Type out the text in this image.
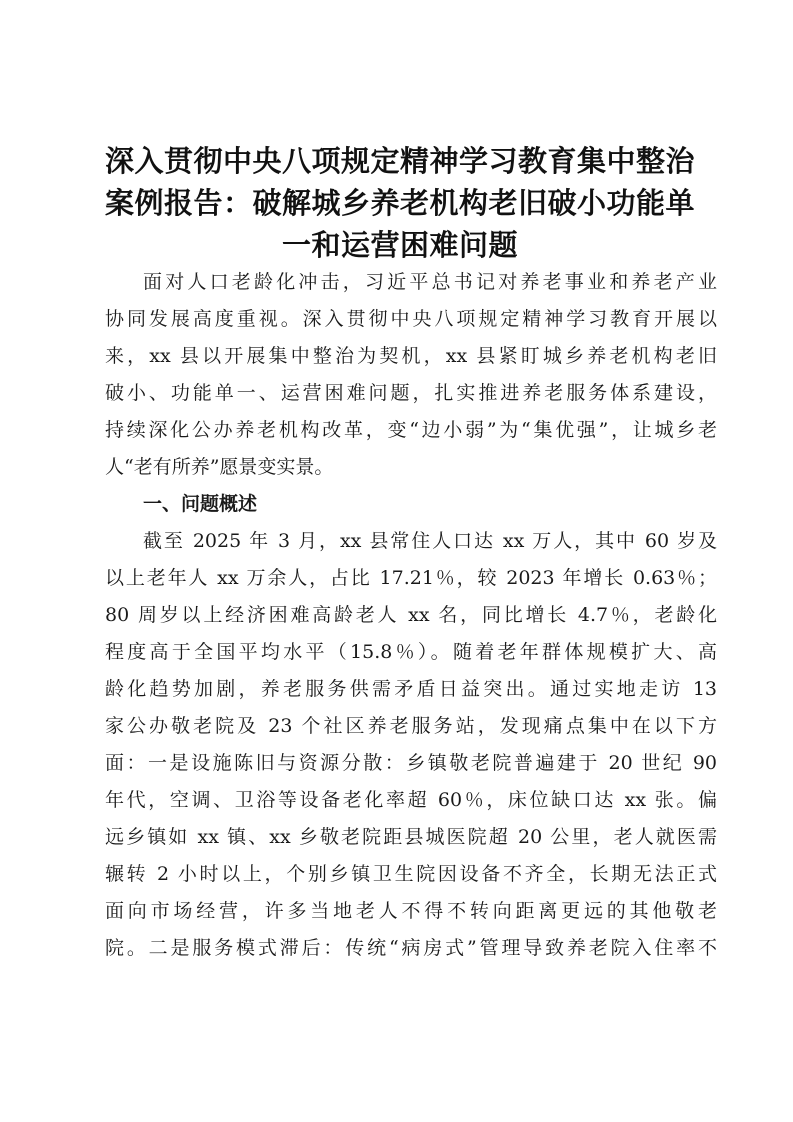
深入贯彻中央八项规定精神学习教育集中整治
案例报告：破解城乡养老机构老旧破小功能单
一和运营困难问题
面对人口老龄化冲击，习近平总书记对养老事业和养老产业
协同发展高度重视。深入贯彻中央八项规定精神学习教育开展以
来，xx 县以开展集中整治为契机，xx 县紧盯城乡养老机构老旧
破小、功能单一、运营困难问题，扎实推进养老服务体系建设，
持续深化公办养老机构改革，变“边小弱”为“集优强”，让城乡老
人“老有所养”愿景变实景。
一、问题概述
截至 2025 年 3 月，xx 县常住人口达 xx 万人，其中 60 岁及
以上老年人 xx 万余人，占比 17.21％，较 2023 年增长 0.63％；
80 周岁以上经济困难高龄老人 xx 名，同比增长 4.7％，老龄化
程度高于全国平均水平（15.8％）。随着老年群体规模扩大、高
龄化趋势加剧，养老服务供需矛盾日益突出。通过实地走访 13
家公办敬老院及 23 个社区养老服务站，发现痛点集中在以下方
面：一是设施陈旧与资源分散：乡镇敬老院普遍建于 20 世纪 90
年代，空调、卫浴等设备老化率超 60％，床位缺口达 xx 张。偏
远乡镇如 xx 镇、xx 乡敬老院距县城医院超 20 公里，老人就医需
辗转 2 小时以上，个别乡镇卫生院因设备不齐全，长期无法正式
面向市场经营，许多当地老人不得不转向距离更远的其他敬老
院。二是服务模式滞后：传统“病房式”管理导致养老院入住率不
